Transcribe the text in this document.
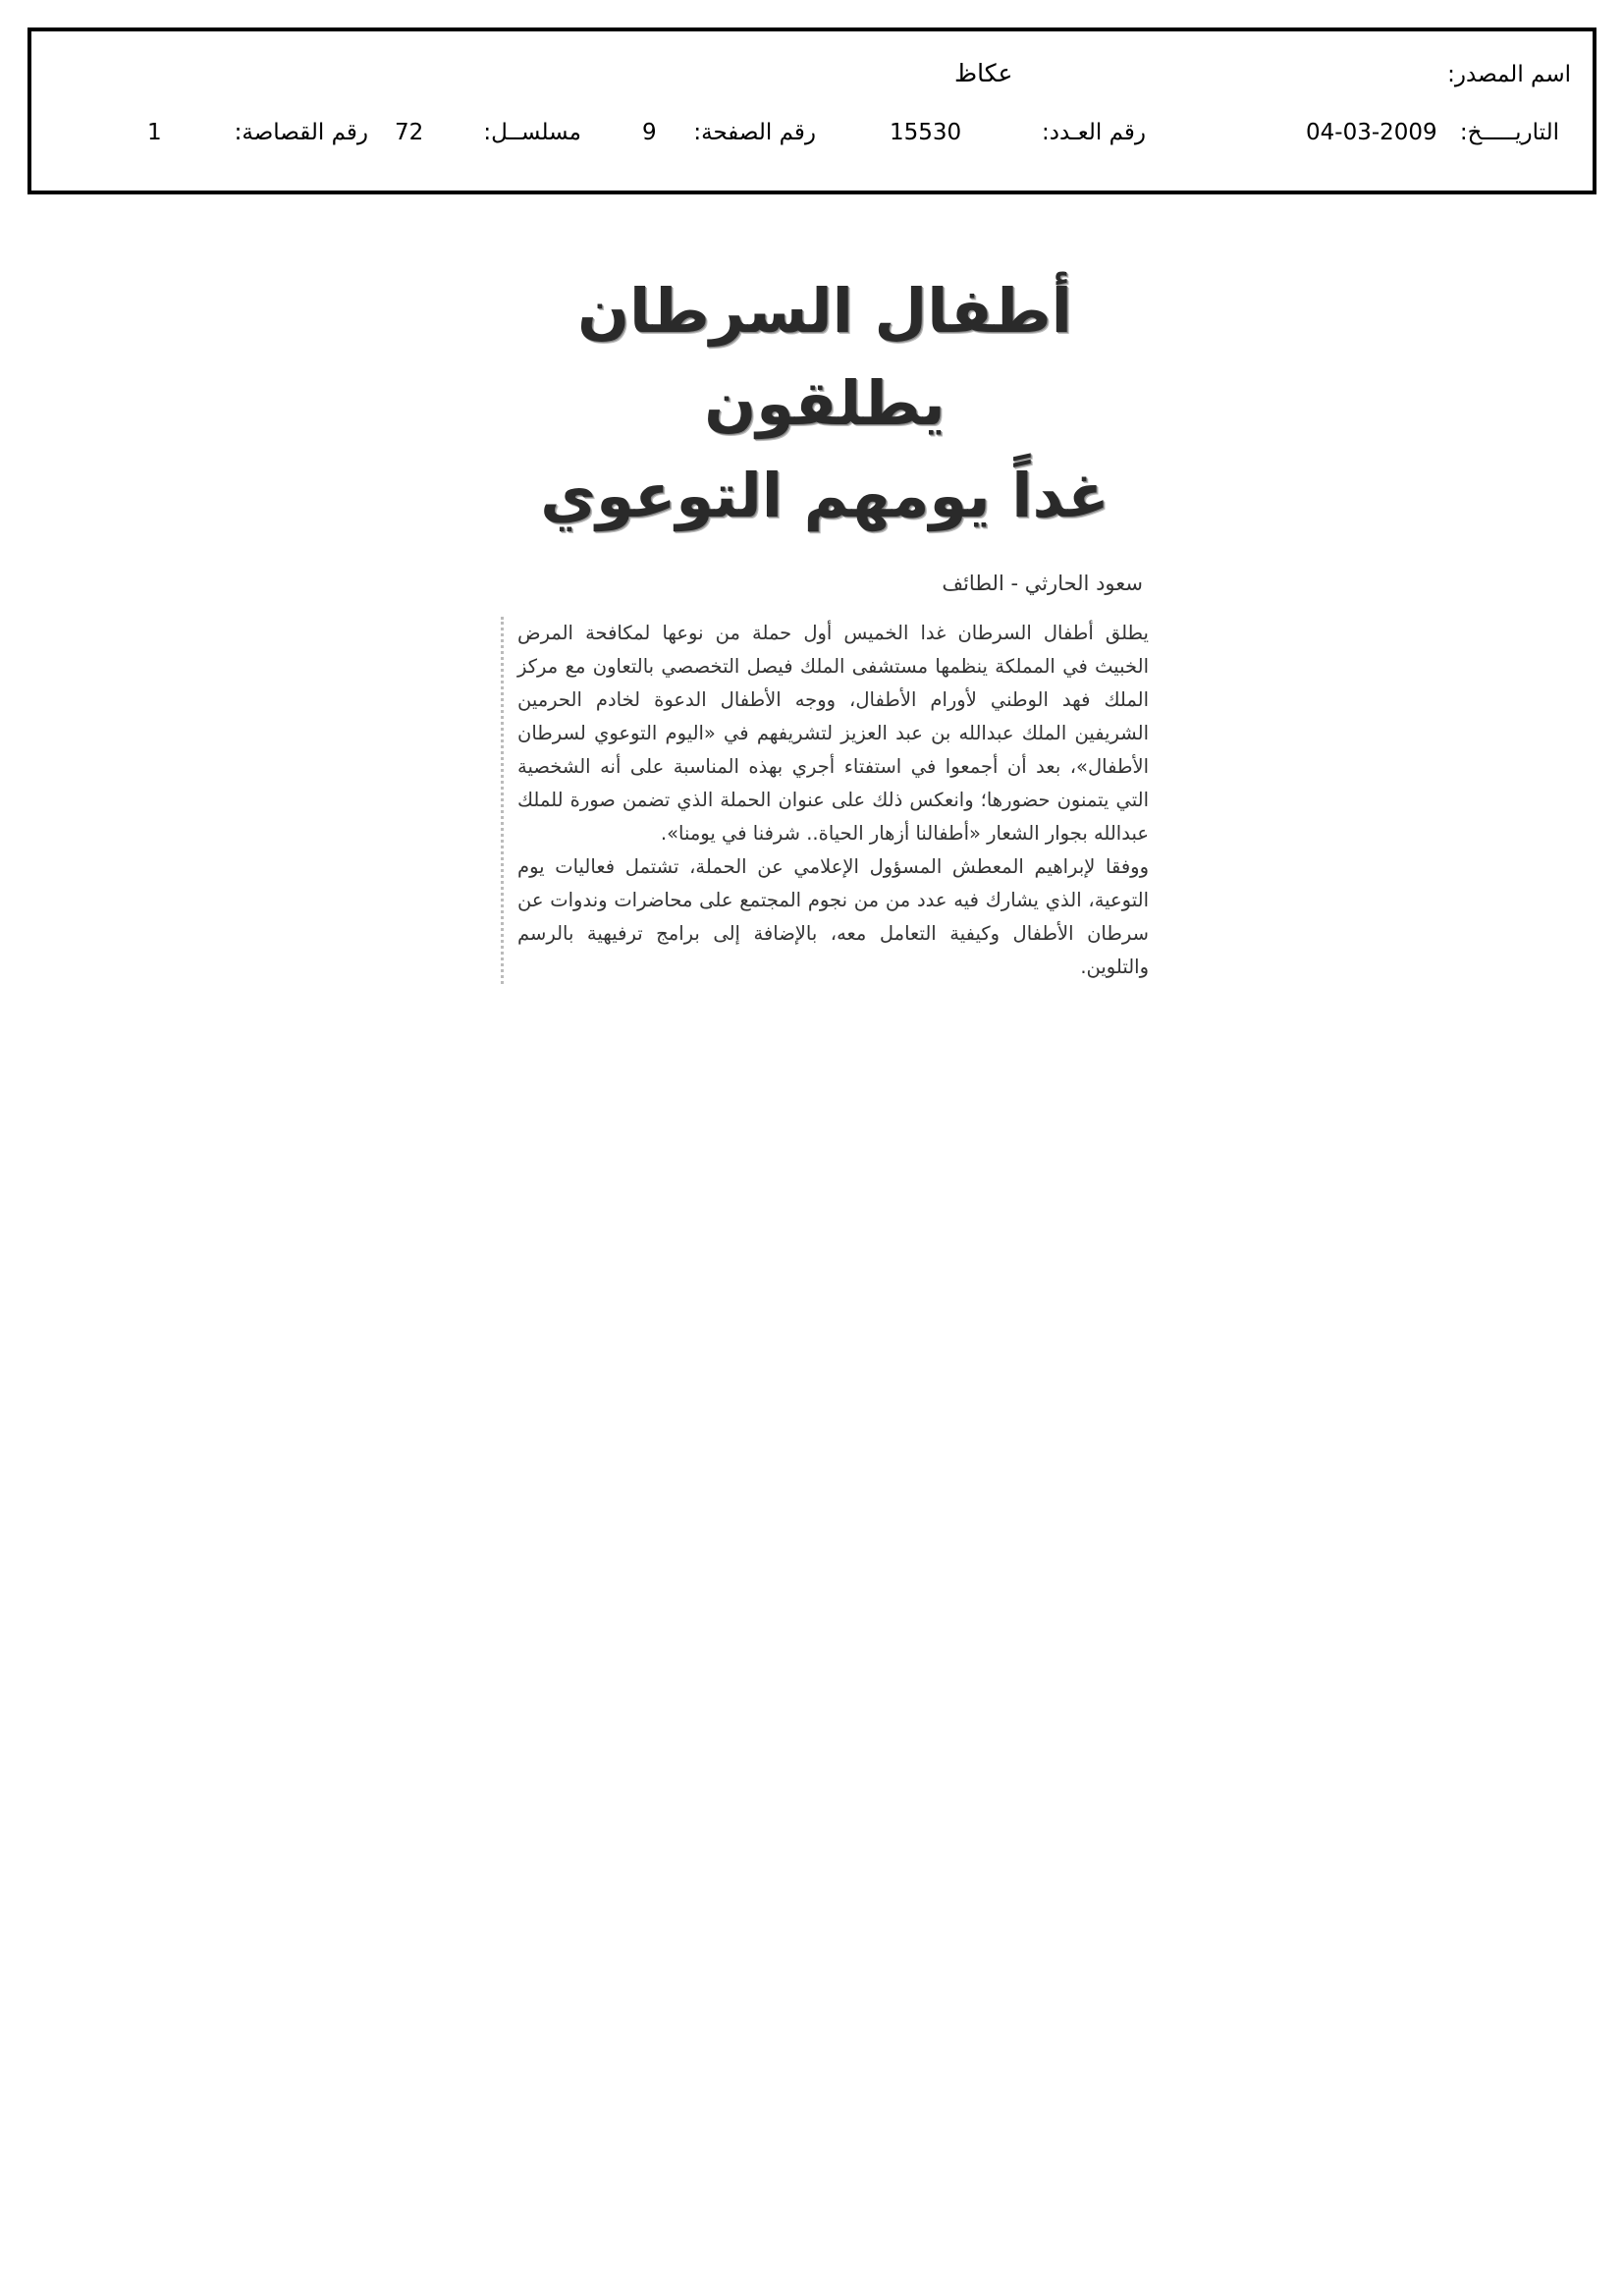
اسم المصدر:
عكاظ
التاريـــــخ:
04-03-2009
رقم العـدد:
15530
رقم الصفحة:
9
مسلســل:
72
رقم القصاصة:
1
أطفال السرطان يطلقون
غداً يومهم التوعوي
سعود الحارثي - الطائف

يطلق أطفال السرطان غدا الخميس أول حملة من نوعها لمكافحة المرض الخبيث في المملكة ينظمها مستشفى الملك فيصل التخصصي بالتعاون مع مركز الملك فهد الوطني لأورام الأطفال، ووجه الأطفال الدعوة لخادم الحرمين الشريفين الملك عبدالله بن عبد العزيز لتشريفهم في «اليوم التوعوي لسرطان الأطفال»، بعد أن أجمعوا في استفتاء أجري بهذه المناسبة على أنه الشخصية التي يتمنون حضورها؛ وانعكس ذلك على عنوان الحملة الذي تضمن صورة للملك عبدالله بجوار الشعار «أطفالنا أزهار الحياة.. شرفنا في يومنا».

ووفقا لإبراهيم المعطش المسؤول الإعلامي عن الحملة، تشتمل فعاليات يوم التوعية، الذي يشارك فيه عدد من من نجوم المجتمع على محاضرات وندوات عن سرطان الأطفال وكيفية التعامل معه، بالإضافة إلى برامج ترفيهية بالرسم والتلوين.
